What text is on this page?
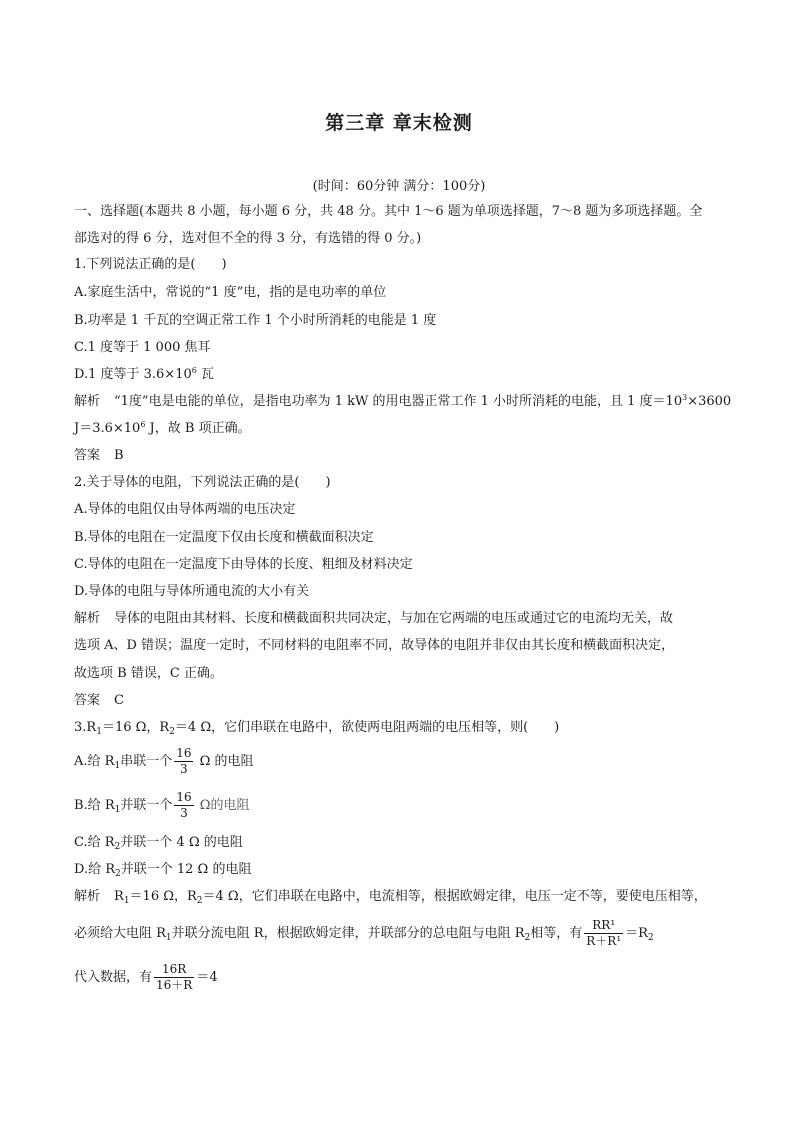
第三章 章末检测
(时间：60分钟 满分：100分)
一、选择题(本题共 8 小题，每小题 6 分，共 48 分。其中 1～6 题为单项选择题，7～8 题为多项选择题。全
部选对的得 6 分，选对但不全的得 3 分，有选错的得 0 分。)
1.下列说法正确的是(　　)
A.家庭生活中，常说的“1 度”电，指的是电功率的单位
B.功率是 1 千瓦的空调正常工作 1 个小时所消耗的电能是 1 度
C.1 度等于 1 000 焦耳
D.1 度等于 $3.6\times 10^6$ 瓦
解析 “1度”电是电能的单位，是指电功率为 1 kW 的用电器正常工作 1 小时所消耗的电能，且 1 度$=10^3\times 3600$
$J=3.6\times 10^6$ J，故 B 项正确。
答案 B
2.关于导体的电阻，下列说法正确的是(　　)
A.导体的电阻仅由导体两端的电压决定
B.导体的电阻在一定温度下仅由长度和横截面积决定
C.导体的电阻在一定温度下由导体的长度、粗细及材料决定
D.导体的电阻与导体所通电流的大小有关
解析 导体的电阻由其材料、长度和横截面积共同决定，与加在它两端的电压或通过它的电流均无关，故
选项 A、D 错误；温度一定时，不同材料的电阻率不同，故导体的电阻并非仅由其长度和横截面积决定，
故选项 B 错误，C 正确。
答案 C
$3.R_1=16$ Ω，$R_2=4$ Ω，它们串联在电路中，欲使两电阻两端的电压相等，则(　　)
A.给 $R_1$串联一个 $\frac{16}{3}$ Ω 的电阻
B.给 $R_1$并联一个 $\frac{16}{3}$ Ω的电阻
C.给 $R_2$并联一个 4 Ω 的电阻
D.给 $R_2$并联一个 12 Ω 的电阻
解析 $R_1=16$ Ω，$R_2=4$ Ω，它们串联在电路中，电流相等，根据欧姆定律，电压一定不等，要使电压相等，
必须给大电阻 $R_1$并联分流电阻 R，根据欧姆定律，并联部分的总电阻与电阻 $R_2$相等，有 $\frac{\text{RR¹}}{\text{R＋R¹}} =R_2$
代入数据，有 $\frac{16R}{16+R} =4$
